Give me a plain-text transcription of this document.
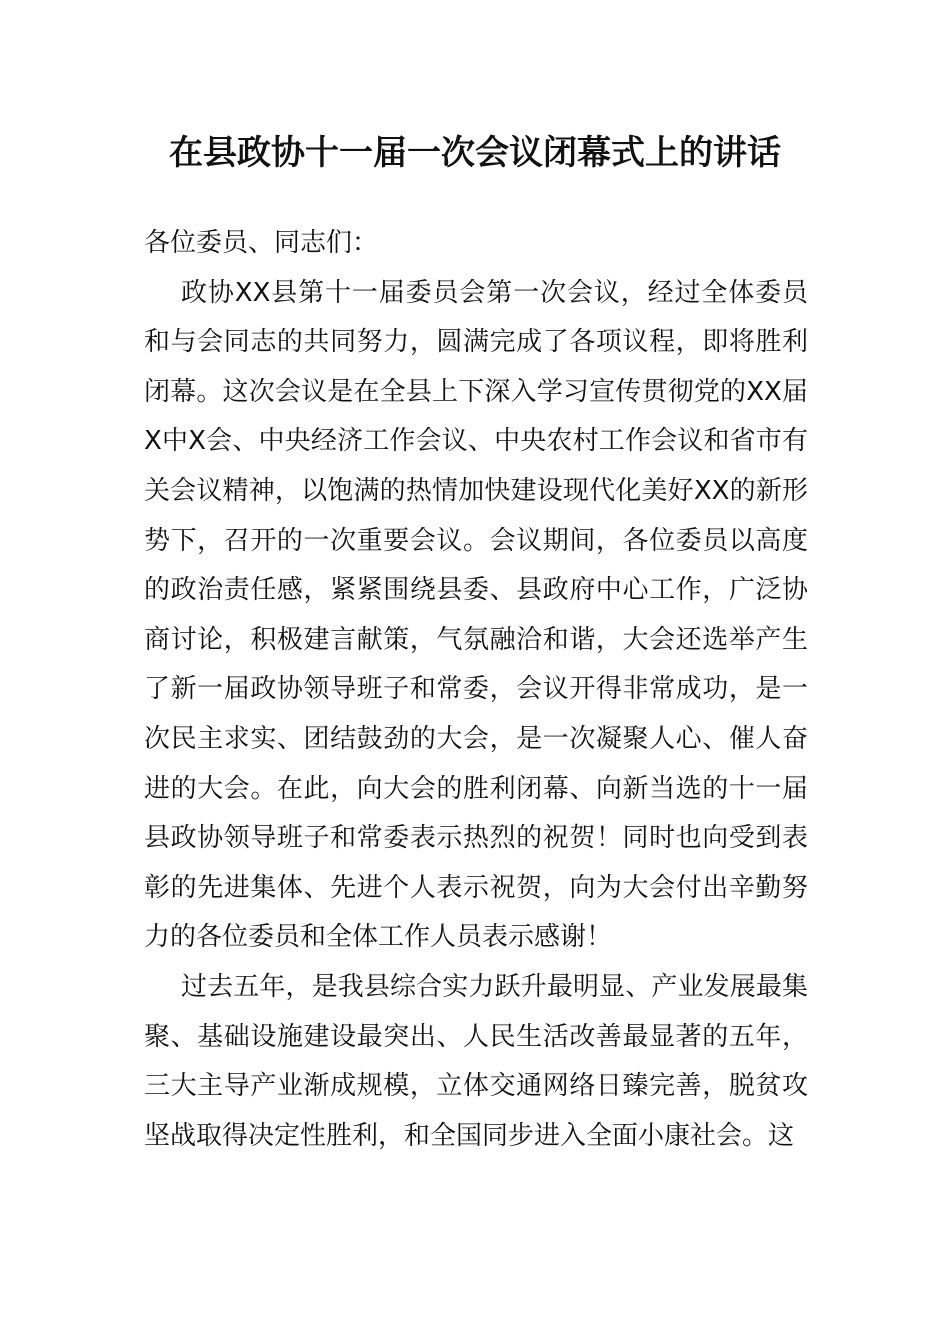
在县政协十一届一次会议闭幕式上的讲话

各位委员、同志们：

政协XX县第十一届委员会第一次会议，经过全体委员和与会同志的共同努力，圆满完成了各项议程，即将胜利闭幕。这次会议是在全县上下深入学习宣传贯彻党的XX届X中X会、中央经济工作会议、中央农村工作会议和省市有关会议精神，以饱满的热情加快建设现代化美好XX的新形势下，召开的一次重要会议。会议期间，各位委员以高度的政治责任感，紧紧围绕县委、县政府中心工作，广泛协商讨论，积极建言献策，气氛融洽和谐，大会还选举产生了新一届政协领导班子和常委，会议开得非常成功，是一次民主求实、团结鼓劲的大会，是一次凝聚人心、催人奋进的大会。在此，向大会的胜利闭幕、向新当选的十一届县政协领导班子和常委表示热烈的祝贺！同时也向受到表彰的先进集体、先进个人表示祝贺，向为大会付出辛勤努力的各位委员和全体工作人员表示感谢！

过去五年，是我县综合实力跃升最明显、产业发展最集聚、基础设施建设最突出、人民生活改善最显著的五年，三大主导产业渐成规模，立体交通网络日臻完善，脱贫攻坚战取得决定性胜利，和全国同步进入全面小康社会。这
